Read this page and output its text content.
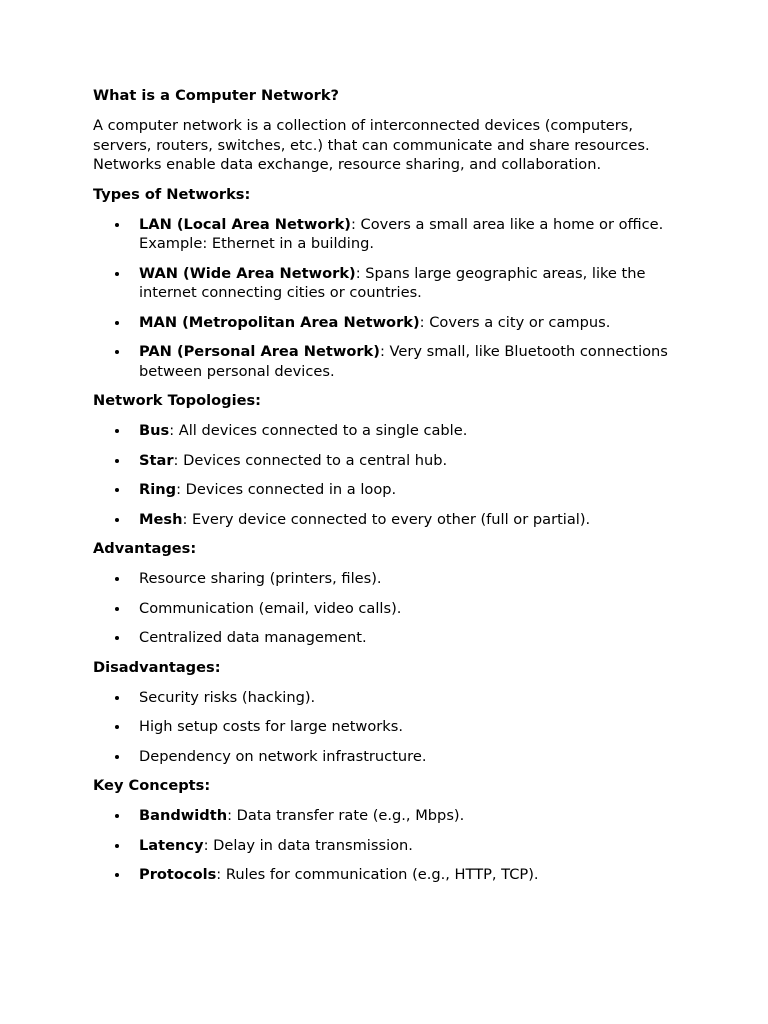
What is a Computer Network?
A computer network is a collection of interconnected devices (computers, servers, routers, switches, etc.) that can communicate and share resources. Networks enable data exchange, resource sharing, and collaboration.
Types of Networks:
LAN (Local Area Network): Covers a small area like a home or office. Example: Ethernet in a building.
WAN (Wide Area Network): Spans large geographic areas, like the internet connecting cities or countries.
MAN (Metropolitan Area Network): Covers a city or campus.
PAN (Personal Area Network): Very small, like Bluetooth connections between personal devices.
Network Topologies:
Bus: All devices connected to a single cable.
Star: Devices connected to a central hub.
Ring: Devices connected in a loop.
Mesh: Every device connected to every other (full or partial).
Advantages:
Resource sharing (printers, files).
Communication (email, video calls).
Centralized data management.
Disadvantages:
Security risks (hacking).
High setup costs for large networks.
Dependency on network infrastructure.
Key Concepts:
Bandwidth: Data transfer rate (e.g., Mbps).
Latency: Delay in data transmission.
Protocols: Rules for communication (e.g., HTTP, TCP).
